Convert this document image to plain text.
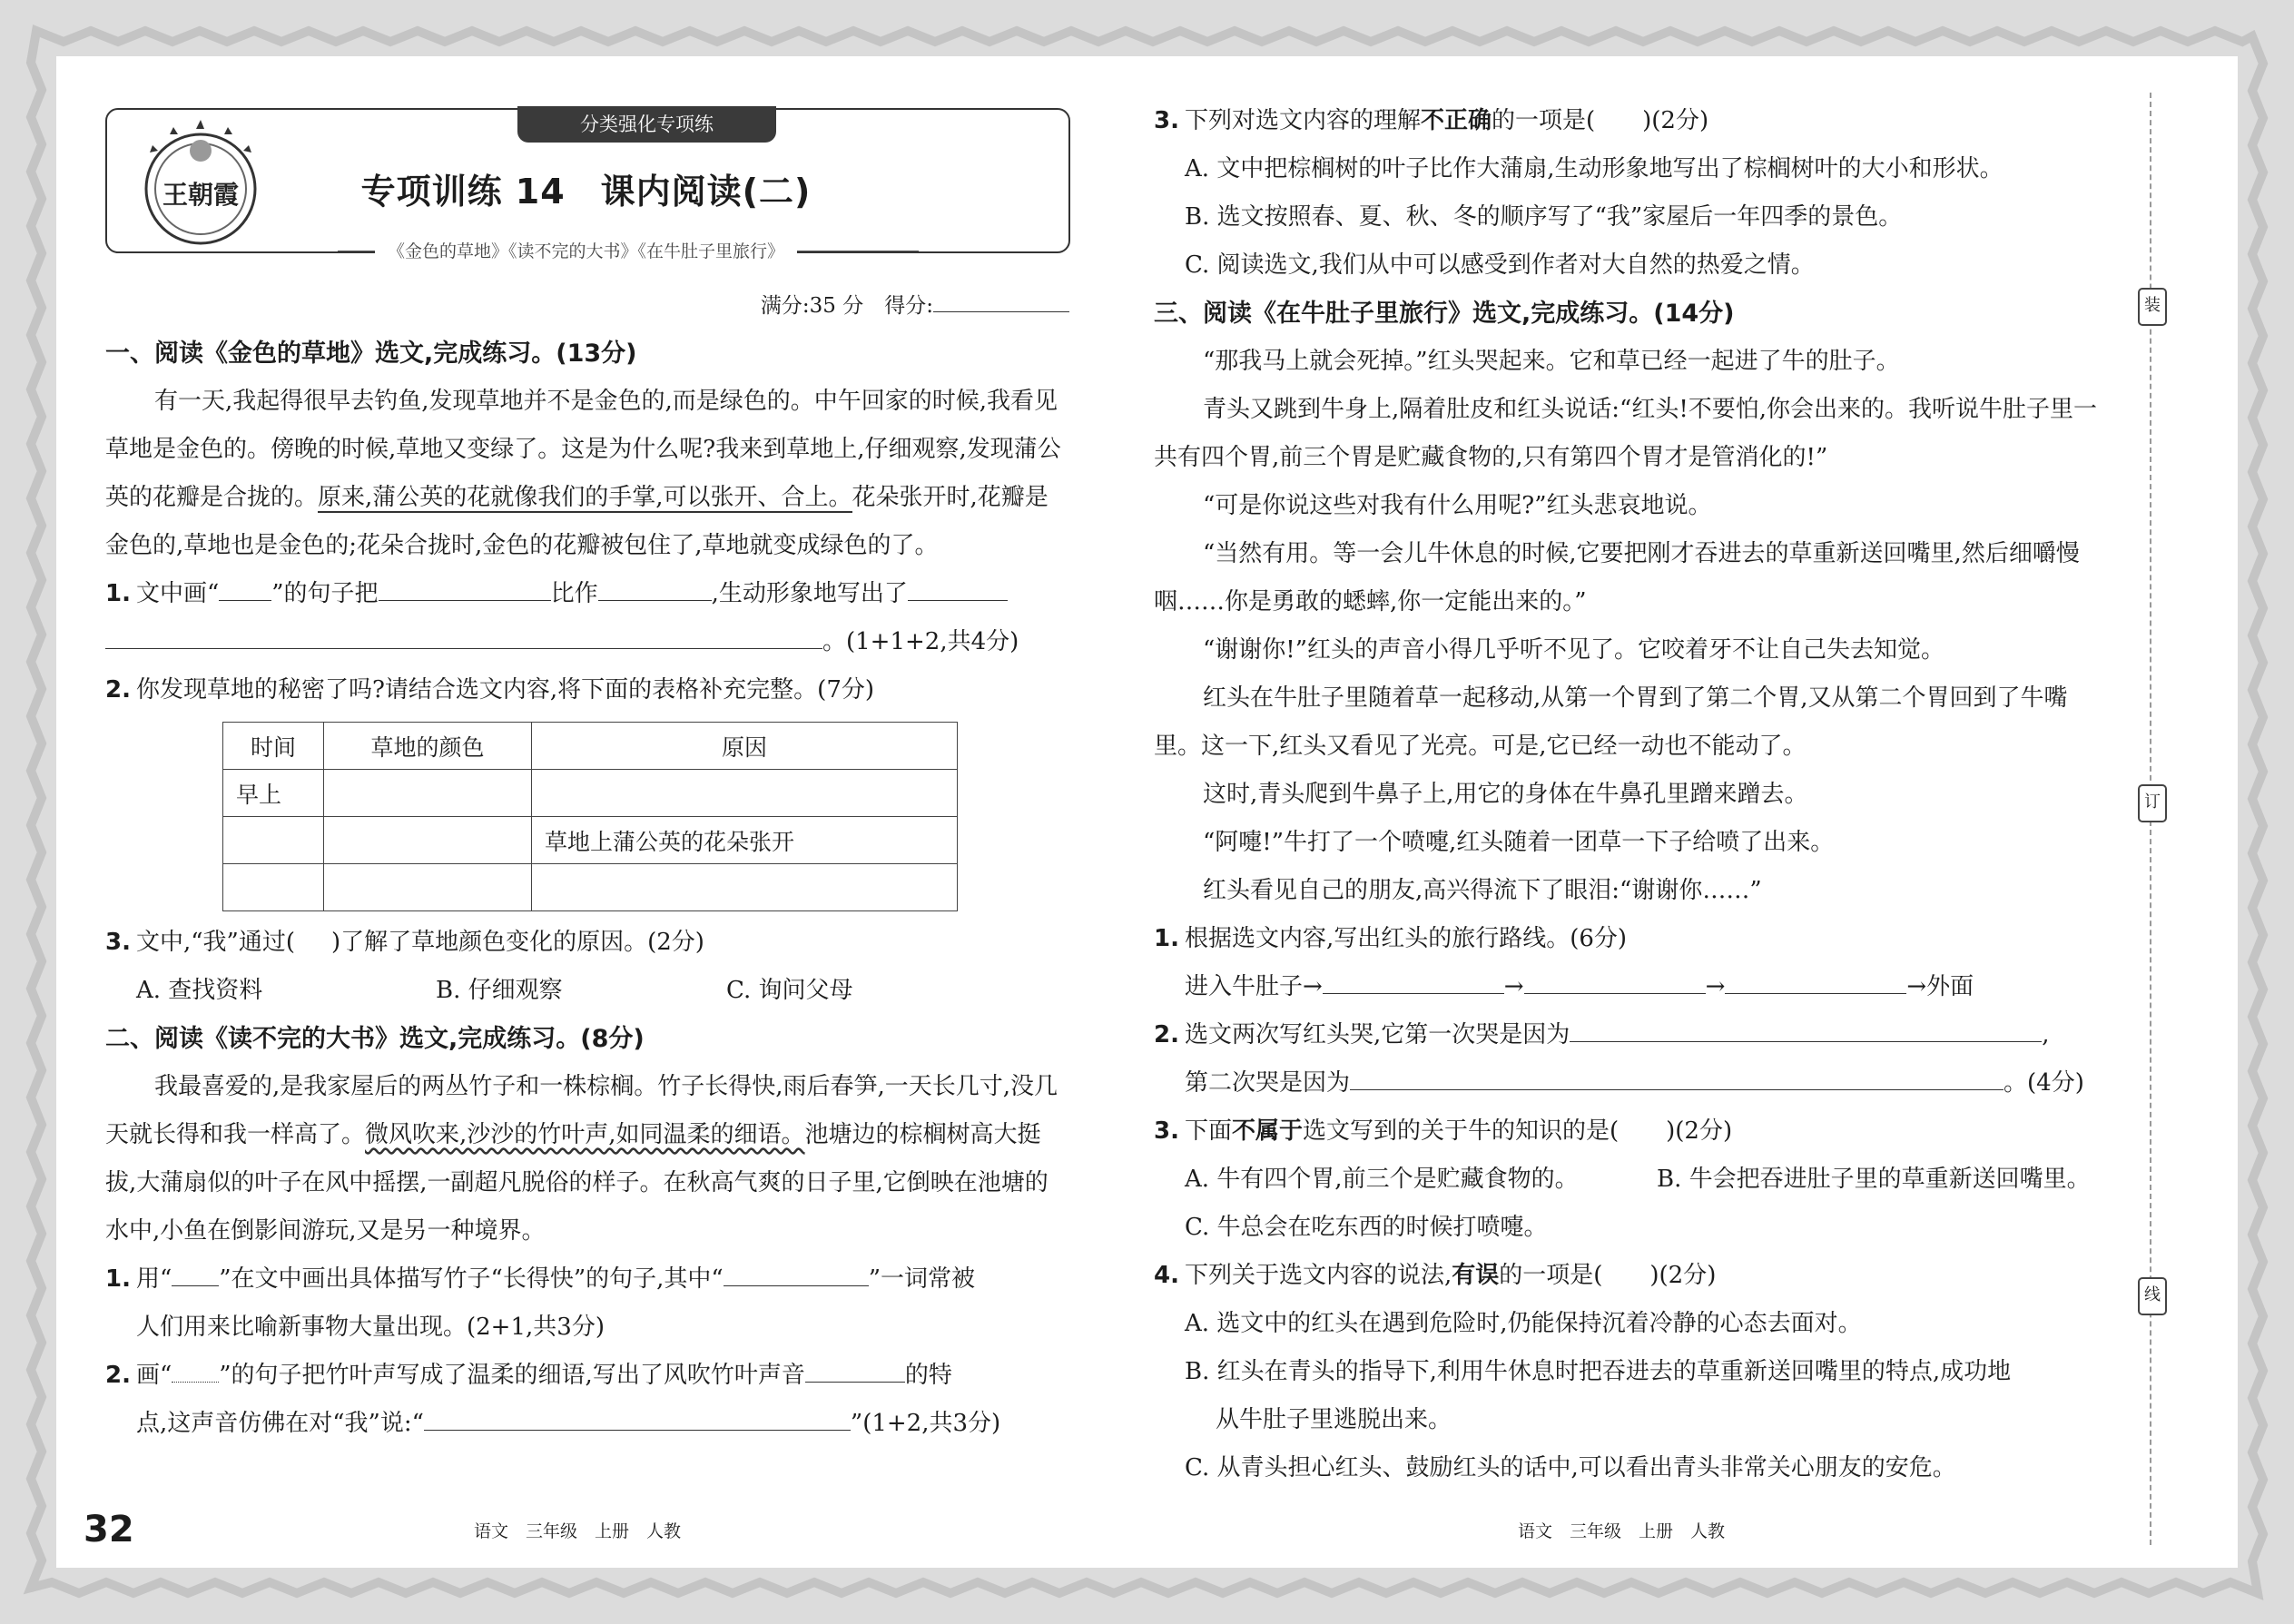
分类强化专项练
王朝霞	专项训练 14　课内阅读(二)
《金色的草地》《读不完的大书》《在牛肚子里旅行》
满分:35 分　得分:
一、阅读《金色的草地》选文,完成练习。(13分)

有一天,我起得很早去钓鱼,发现草地并不是金色的,而是绿色的。中午回家的时候,我看见草地是金色的。傍晚的时候,草地又变绿了。这是为什么呢?我来到草地上,仔细观察,发现蒲公英的花瓣是合拢的。原来,蒲公英的花就像我们的手掌,可以张开、合上。花朵张开时,花瓣是金色的,草地也是金色的;花朵合拢时,金色的花瓣被包住了,草地就变成绿色的了。

1. 文中画“ ”的句子把	比作	,生动形象地写出了
。(1+1+2,共4分)
2. 你发现草地的秘密了吗?请结合选文内容,将下面的表格补充完整。(7分)
时间	草地的颜色	原因
早上		
		草地上蒲公英的花朵张开

3. 文中,“我”通过( )了解了草地颜色变化的原因。(2分)
A. 查找资料	B. 仔细观察	C. 询问父母
二、阅读《读不完的大书》选文,完成练习。(8分)

我最喜爱的,是我家屋后的两丛竹子和一株棕榈。竹子长得快,雨后春笋,一天长几寸,没几天就长得和我一样高了。微风吹来,沙沙的竹叶声,如同温柔的细语。池塘边的棕榈树高大挺拔,大蒲扇似的叶子在风中摇摆,一副超凡脱俗的样子。在秋高气爽的日子里,它倒映在池塘的水中,小鱼在倒影间游玩,又是另一种境界。

1. 用“ ”在文中画出具体描写竹子“长得快”的句子,其中“	”一词常被
人们用来比喻新事物大量出现。(2+1,共3分)
2. 画“ ”的句子把竹叶声写成了温柔的细语,写出了风吹竹叶声音	的特
点,这声音仿佛在对“我”说:“	”(1+2,共3分)
32	语文　三年级　上册　人教
3. 下列对选文内容的理解不正确的一项是(　　)(2分)
A. 文中把棕榈树的叶子比作大蒲扇,生动形象地写出了棕榈树叶的大小和形状。
B. 选文按照春、夏、秋、冬的顺序写了“我”家屋后一年四季的景色。
C. 阅读选文,我们从中可以感受到作者对大自然的热爱之情。
三、阅读《在牛肚子里旅行》选文,完成练习。(14分)

“那我马上就会死掉。”红头哭起来。它和草已经一起进了牛的肚子。

青头又跳到牛身上,隔着肚皮和红头说话:“红头!不要怕,你会出来的。我听说牛肚子里一共有四个胃,前三个胃是贮藏食物的,只有第四个胃才是管消化的!”

“可是你说这些对我有什么用呢?”红头悲哀地说。

“当然有用。等一会儿牛休息的时候,它要把刚才吞进去的草重新送回嘴里,然后细嚼慢咽……你是勇敢的蟋蟀,你一定能出来的。”

“谢谢你!”红头的声音小得几乎听不见了。它咬着牙不让自己失去知觉。

红头在牛肚子里随着草一起移动,从第一个胃到了第二个胃,又从第二个胃回到了牛嘴里。这一下,红头又看见了光亮。可是,它已经一动也不能动了。

这时,青头爬到牛鼻子上,用它的身体在牛鼻孔里蹭来蹭去。

“阿嚏!”牛打了一个喷嚏,红头随着一团草一下子给喷了出来。

红头看见自己的朋友,高兴得流下了眼泪:“谢谢你……”

1. 根据选文内容,写出红头的旅行路线。(6分)
进入牛肚子→	→	→	→外面
2. 选文两次写红头哭,它第一次哭是因为	,
第二次哭是因为	。(4分)
3. 下面不属于选文写到的关于牛的知识的是(　　)(2分)
A. 牛有四个胃,前三个是贮藏食物的。	B. 牛会把吞进肚子里的草重新送回嘴里。
C. 牛总会在吃东西的时候打喷嚏。
4. 下列关于选文内容的说法,有误的一项是(　　)(2分)
A. 选文中的红头在遇到危险时,仍能保持沉着冷静的心态去面对。
B. 红头在青头的指导下,利用牛休息时把吞进去的草重新送回嘴里的特点,成功地
从牛肚子里逃脱出来。
C. 从青头担心红头、鼓励红头的话中,可以看出青头非常关心朋友的安危。
语文　三年级　上册　人教
装
订
线
